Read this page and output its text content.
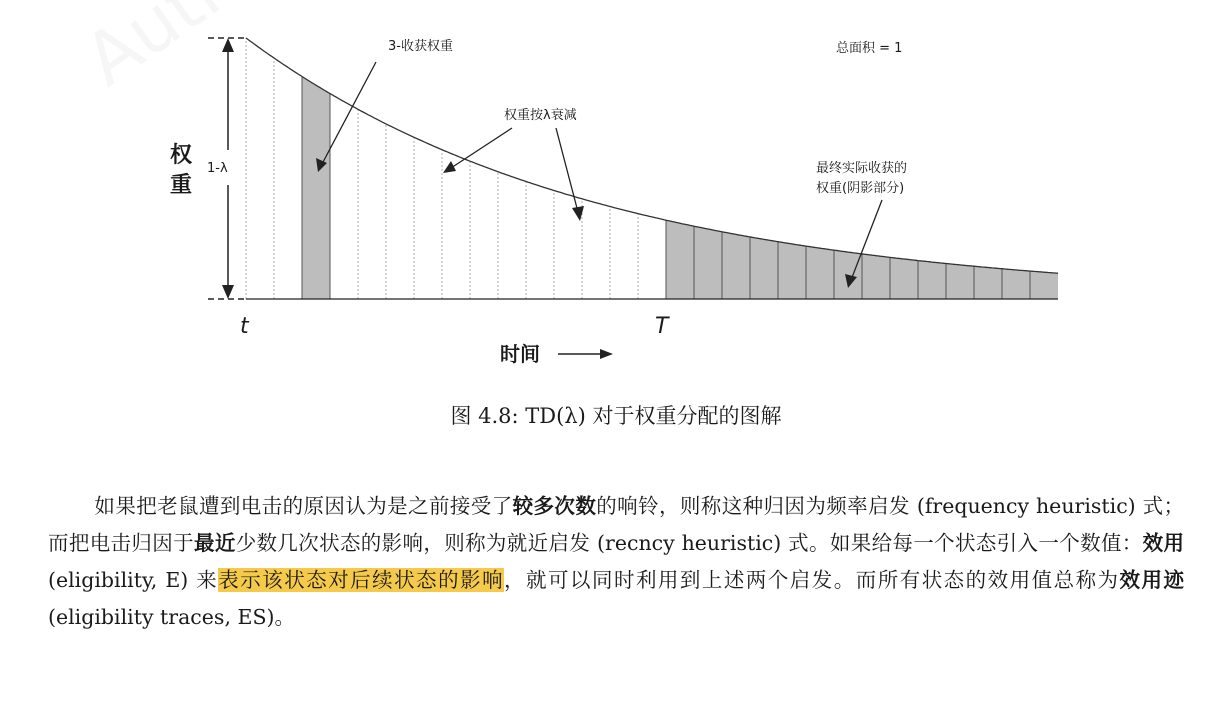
1-λ
权
重
3-收获权重	总面积 = 1
权重按λ衰减
最终实际收获的
权重(阴影部分)
t	T
时间
图 4.8: TD(λ) 对于权重分配的图解
如果把老鼠遭到电击的原因认为是之前接受了较多次数的响铃，则称这种归因为频率启发 (frequency heuristic) 式；而把电击归因于最近少数几次状态的影响，则称为就近启发 (recncy heuristic) 式。如果给每一个状态引入一个数值：效用 (eligibility, E) 来表示该状态对后续状态的影响，就可以同时利用到上述两个启发。而所有状态的效用值总称为效用迹 (eligibility traces, ES)。
